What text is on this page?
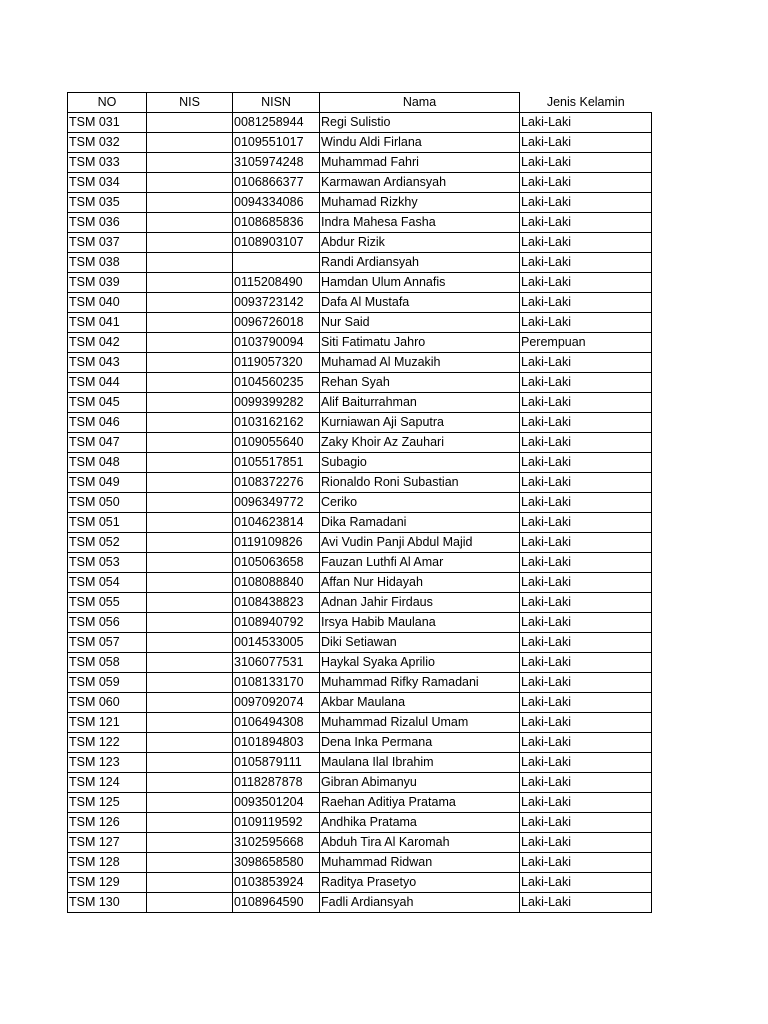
NO	NIS	NISN	Nama	Jenis Kelamin
TSM 031		0081258944	Regi Sulistio	Laki-Laki
TSM 032		0109551017	Windu Aldi Firlana	Laki-Laki
TSM 033		3105974248	Muhammad Fahri	Laki-Laki
TSM 034		0106866377	Karmawan Ardiansyah	Laki-Laki
TSM 035		0094334086	Muhamad Rizkhy	Laki-Laki
TSM 036		0108685836	Indra Mahesa Fasha	Laki-Laki
TSM 037		0108903107	Abdur Rizik	Laki-Laki
TSM 038			Randi Ardiansyah	Laki-Laki
TSM 039		0115208490	Hamdan Ulum Annafis	Laki-Laki
TSM 040		0093723142	Dafa Al Mustafa	Laki-Laki
TSM 041		0096726018	Nur Said	Laki-Laki
TSM 042		0103790094	Siti Fatimatu Jahro	Perempuan
TSM 043		0119057320	Muhamad Al Muzakih	Laki-Laki
TSM 044		0104560235	Rehan Syah	Laki-Laki
TSM 045		0099399282	Alif Baiturrahman	Laki-Laki
TSM 046		0103162162	Kurniawan Aji Saputra	Laki-Laki
TSM 047		0109055640	Zaky Khoir Az Zauhari	Laki-Laki
TSM 048		0105517851	Subagio	Laki-Laki
TSM 049		0108372276	Rionaldo Roni Subastian	Laki-Laki
TSM 050		0096349772	Ceriko	Laki-Laki
TSM 051		0104623814	Dika Ramadani	Laki-Laki
TSM 052		0119109826	Avi Vudin Panji Abdul Majid	Laki-Laki
TSM 053		0105063658	Fauzan Luthfi Al Amar	Laki-Laki
TSM 054		0108088840	Affan Nur Hidayah	Laki-Laki
TSM 055		0108438823	Adnan Jahir Firdaus	Laki-Laki
TSM 056		0108940792	Irsya Habib Maulana	Laki-Laki
TSM 057		0014533005	Diki Setiawan	Laki-Laki
TSM 058		3106077531	Haykal Syaka Aprilio	Laki-Laki
TSM 059		0108133170	Muhammad Rifky Ramadani	Laki-Laki
TSM 060		0097092074	Akbar Maulana	Laki-Laki
TSM 121		0106494308	Muhammad Rizalul Umam	Laki-Laki
TSM 122		0101894803	Dena Inka Permana	Laki-Laki
TSM 123		0105879111	Maulana Ilal Ibrahim	Laki-Laki
TSM 124		0118287878	Gibran Abimanyu	Laki-Laki
TSM 125		0093501204	Raehan Aditiya Pratama	Laki-Laki
TSM 126		0109119592	Andhika Pratama	Laki-Laki
TSM 127		3102595668	Abduh Tira Al Karomah	Laki-Laki
TSM 128		3098658580	Muhammad Ridwan	Laki-Laki
TSM 129		0103853924	Raditya Prasetyo	Laki-Laki
TSM 130		0108964590	Fadli Ardiansyah	Laki-Laki
